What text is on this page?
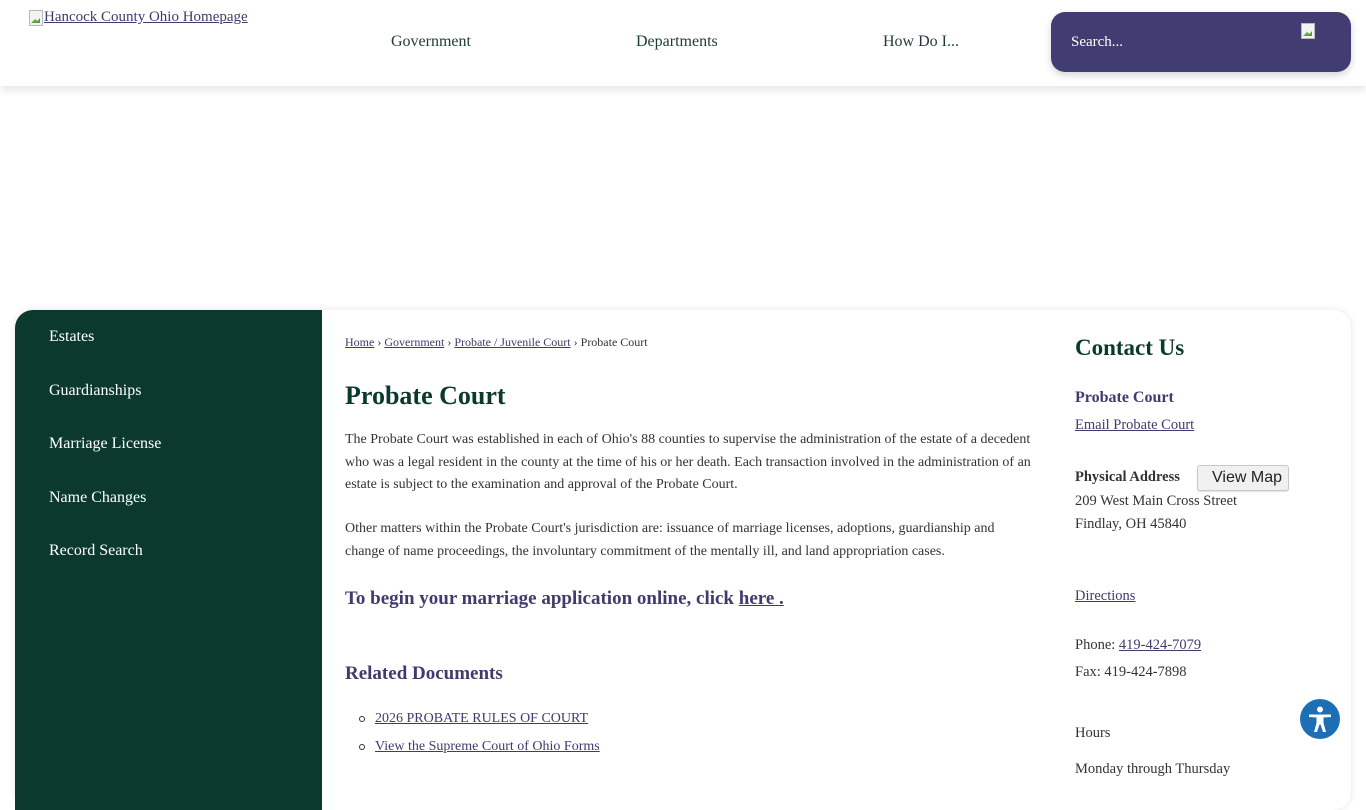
Hancock County Ohio Homepage
Government	Departments	How Do I...
Search...
Estates
Guardianships
Marriage License
Name Changes
Record Search
Home › Government › Probate / Juvenile Court › Probate Court
Probate Court

The Probate Court was established in each of Ohio's 88 counties to supervise the administration of the estate of a decedent who was a legal resident in the county at the time of his or her death. Each transaction involved in the administration of an estate is subject to the examination and approval of the Probate Court.

Other matters within the Probate Court's jurisdiction are: issuance of marriage licenses, adoptions, guardianship and change of name proceedings, the involuntary commitment of the mentally ill, and land appropriation cases.

To begin your marriage application online, click here .
Related Documents
2026 PROBATE RULES OF COURT
View the Supreme Court of Ohio Forms
Contact Us
Probate Court
Email Probate Court
Physical Address	View Map
209 West Main Cross Street
Findlay, OH 45840
Directions
Phone: 419-424-7079
Fax: 419-424-7898
Hours
Monday through Thursday
